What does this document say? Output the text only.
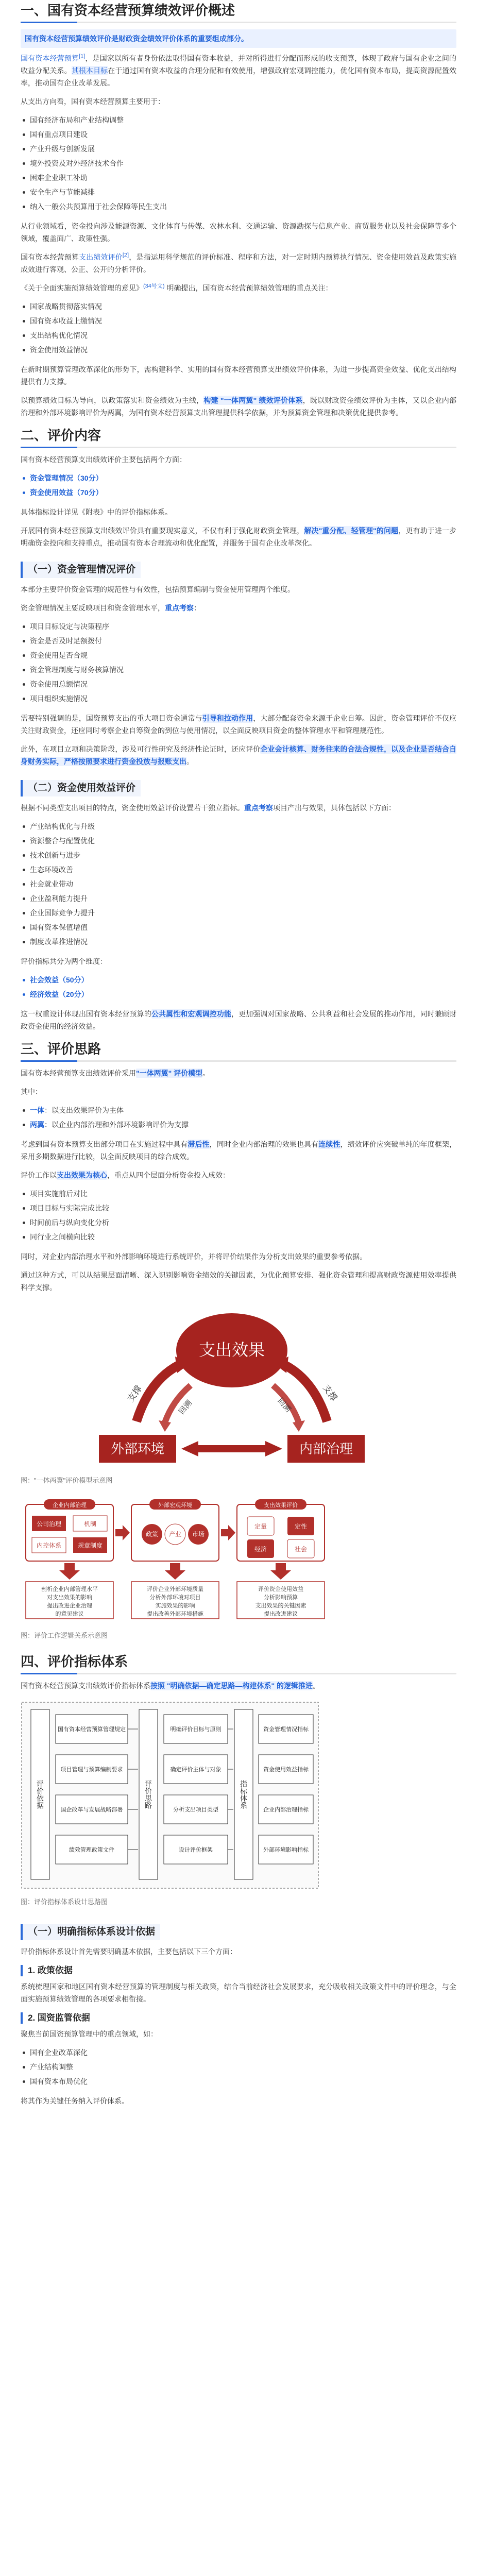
一、国有资本经营预算绩效评价概述
国有资本经营预算绩效评价是财政资金绩效评价体系的重要组成部分。

国有资本经营预算[1]，是国家以所有者身份依法取得国有资本收益，并对所得进行分配而形成的收支预算，体现了政府与国有企业之间的收益分配关系。其根本目标在于通过国有资本收益的合理分配和有效使用，增强政府宏观调控能力，优化国有资本布局，提高资源配置效率，推动国有企业改革发展。

从支出方向看，国有资本经营预算主要用于：

国有经济布局和产业结构调整
国有重点项目建设
产业升级与创新发展
境外投资及对外经济技术合作
困难企业职工补助
安全生产与节能减排
纳入一般公共预算用于社会保障等民生支出

从行业领域看，资金投向涉及能源资源、文化体育与传媒、农林水利、交通运输、资源勘探与信息产业、商贸服务业以及社会保障等多个领域，覆盖面广、政策性强。

国有资本经营预算支出绩效评价[2]，是指运用科学规范的评价标准、程序和方法，对一定时期内预算执行情况、资金使用效益及政策实施成效进行客观、公正、公开的分析评价。

《关于全面实施预算绩效管理的意见》$^{(34号文)}$ 明确提出，国有资本经营预算绩效管理的重点关注：

国家战略贯彻落实情况
国有资本收益上缴情况
支出结构优化情况
资金使用效益情况

在新时期预算管理改革深化的形势下，需构建科学、实用的国有资本经营预算支出绩效评价体系，为进一步提高资金效益、优化支出结构提供有力支撑。

以预算绩效目标为导向，以政策落实和资金绩效为主线，构建 "一体两翼" 绩效评价体系，既以财政资金绩效评价为主体，又以企业内部治理和外部环境影响评价为两翼，为国有资本经营预算支出管理提供科学依据，并为预算资金管理和决策优化提供参考。

二、评价内容

国有资本经营预算支出绩效评价主要包括两个方面：

资金管理情况（30分）
资金使用效益（70分）

具体指标设计详见《附表》中的评价指标体系。

开展国有资本经营预算支出绩效评价具有重要现实意义，不仅有利于强化财政资金管理，解决"重分配、轻管理"的问题，更有助于进一步明确资金投向和支持重点，推动国有资本合理流动和优化配置，并服务于国有企业改革深化。

（一）资金管理情况评价

本部分主要评价资金管理的规范性与有效性，包括预算编制与资金使用管理两个维度。

资金管理情况主要反映项目和资金管理水平，重点考察：

项目目标设定与决策程序
资金是否及时足额拨付
资金使用是否合规
资金管理制度与财务核算情况
资金使用总额情况
项目组织实施情况

需要特别强调的是，国资预算支出的重大项目资金通常与引导和拉动作用，大部分配套资金来源于企业自筹。因此，资金管理评价不仅应关注财政资金，还应同时考察企业自筹资金的到位与使用情况，以全面反映项目资金的整体管理水平和管理规范性。

此外，在项目立项和决策阶段，涉及可行性研究及经济性论证时，还应评价企业会计核算、财务往来的合法合规性，以及企业是否结合自身财务实际，严格按照要求进行资金投放与报账支出。

（二）资金使用效益评价

根据不同类型支出项目的特点，资金使用效益评价设置若干独立指标。重点考察项目产出与效果，具体包括以下方面：

产业结构优化与升级
资源整合与配置优化
技术创新与进步
生态环境改善
社会就业带动
企业盈利能力提升
企业国际竞争力提升
国有资本保值增值
制度改革推进情况

评价指标共分为两个维度：

社会效益（50分）
经济效益（20分）

这一权重设计体现出国有资本经营预算的公共属性和宏观调控功能，更加强调对国家战略、公共利益和社会发展的推动作用，同时兼顾财政资金使用的经济效益。

三、评价思路

国有资本经营预算支出绩效评价采用"一体两翼" 评价模型。

其中：

一体：以支出效果评价为主体
两翼：以企业内部治理和外部环境影响评价为支撑

考虑到国有资本预算支出部分项目在实施过程中具有滞后性，同时企业内部治理的效果也具有连续性，绩效评价应突破单纯的年度框架，采用多期数据进行比较，以全面反映项目的综合成效。

评价工作以支出效果为核心，重点从四个层面分析资金投入成效：

项目实施前后对比
项目目标与实际完成比较
时间前后与纵向变化分析
同行业之间横向比较

同时，对企业内部治理水平和外部影响环境进行系统评价，并将评价结果作为分析支出效果的重要参考依据。

通过这种方式，可以从结果层面清晰、深入识别影响资金绩效的关键因素，为优化预算安排、强化资金管理和提高财政资源使用效率提供科学支撑。

支出效果
支撑	支撑
回溯	回溯
外部环境	内部治理
图："一体两翼"评价模型示意图
企业内部治理
公司治理	机制
内控体系	规章制度
外部宏观环境
政策 产业 市场
支出效果评价
定量	定性
经济	社会
剖析企业内部管理水平
对支出效果的影响
提出改进企业治理
的意见建议
评价企业外部环境质量
分析外部环境对项目
实施效果的影响
提出改善外部环境措施
评价资金使用效益
分析影响预算
支出效果的关键因素
提出改进建议
图：评价工作逻辑关系示意图
四、评价指标体系

国有资本经营预算支出绩效评价指标体系按照 "明确依据—确定思路—构建体系" 的逻辑推进。

评价依据	评价思路	指标体系
国有资本经营预算管理规定
项目管理与预算编制要求
国企改革与发展战略部署
绩效管理政策文件
明确评价目标与原则
确定评价主体与对象
分析支出项目类型
设计评价框架
资金管理情况指标
资金使用效益指标
企业内部治理指标
外部环境影响指标
图：评价指标体系设计思路图
（一）明确指标体系设计依据

评价指标体系设计首先需要明确基本依据，主要包括以下三个方面：

1. 政策依据

系统梳理国家和地区国有资本经营预算的管理制度与相关政策，结合当前经济社会发展要求，充分吸收相关政策文件中的评价理念，与全面实施预算绩效管理的各项要求相衔接。

2. 国资监管依据

聚焦当前国资预算管理中的重点领域，如：

国有企业改革深化
产业结构调整
国有资本布局优化

将其作为关键任务纳入评价体系。
